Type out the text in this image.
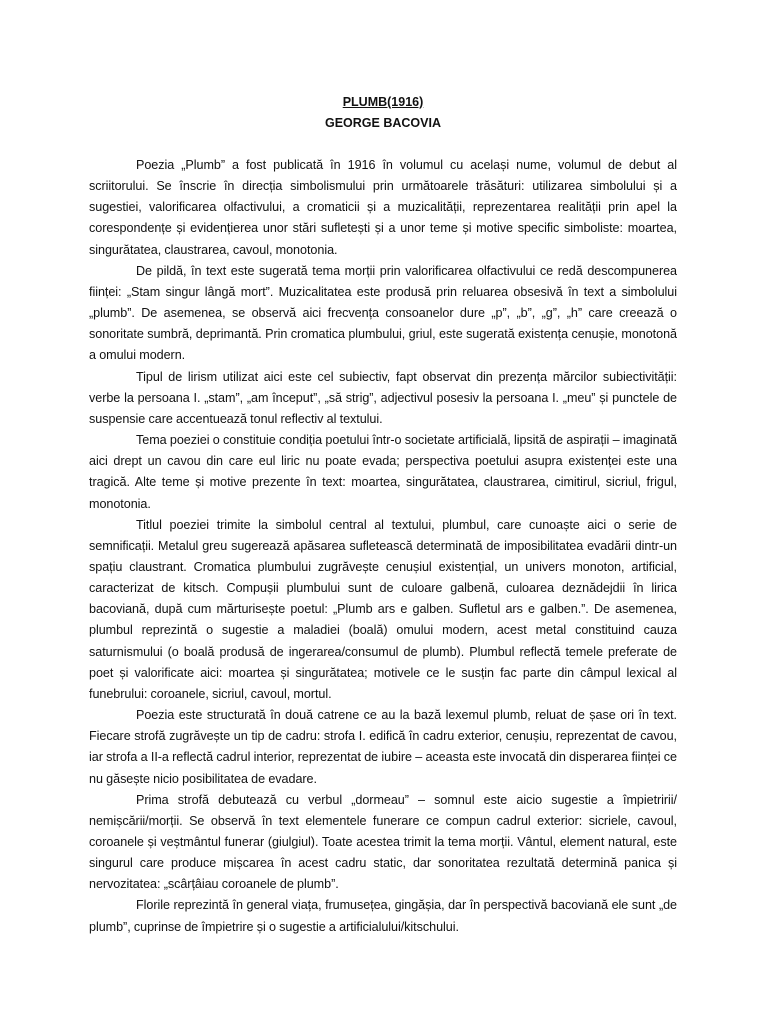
PLUMB(1916)

GEORGE BACOVIA

Poezia „Plumb” a fost publicată în 1916 în volumul cu același nume, volumul de debut al scriitorului. Se înscrie în direcția simbolismului prin următoarele trăsături: utilizarea simbolului și a sugestiei, valorificarea olfactivului, a cromaticii și a muzicalității, reprezentarea realității prin apel la corespondențe și evidențierea unor stări sufletești și a unor teme și motive specific simboliste: moartea, singurătatea, claustrarea, cavoul, monotonia.

De pildă, în text este sugerată tema morții prin valorificarea olfactivului ce redă descompunerea ființei: „Stam singur lângă mort”. Muzicalitatea este produsă prin reluarea obsesivă în text a simbolului „plumb”. De asemenea, se observă aici frecvența consoanelor dure „p”, „b”, „g”, „h” care creează o sonoritate sumbră, deprimantă. Prin cromatica plumbului, griul, este sugerată existența cenușie, monotonă a omului modern.

Tipul de lirism utilizat aici este cel subiectiv, fapt observat din prezența mărcilor subiectivității: verbe la persoana I. „stam”, „am început”, „să strig”, adjectivul posesiv la persoana I. „meu” și punctele de suspensie care accentuează tonul reflectiv al textului.

Tema poeziei o constituie condiția poetului într-o societate artificială, lipsită de aspirații – imaginată aici drept un cavou din care eul liric nu poate evada; perspectiva poetului asupra existenței este una tragică. Alte teme și motive prezente în text: moartea, singurătatea, claustrarea, cimitirul, sicriul, frigul, monotonia.

Titlul poeziei trimite la simbolul central al textului, plumbul, care cunoaște aici o serie de semnificații. Metalul greu sugerează apăsarea sufletească determinată de imposibilitatea evadării dintr-un spațiu claustrant. Cromatica plumbului zugrăvește cenușiul existențial, un univers monoton, artificial, caracterizat de kitsch. Compușii plumbului sunt de culoare galbenă, culoarea deznădejdii în lirica bacoviană, după cum mărturisește poetul: „Plumb ars e galben. Sufletul ars e galben.”. De asemenea, plumbul reprezintă o sugestie a maladiei (boală) omului modern, acest metal constituind cauza saturnismului (o boală produsă de ingerarea/consumul de plumb). Plumbul reflectă temele preferate de poet și valorificate aici: moartea și singurătatea; motivele ce le susțin fac parte din câmpul lexical al funebrului: coroanele, sicriul, cavoul, mortul.

Poezia este structurată în două catrene ce au la bază lexemul plumb, reluat de șase ori în text. Fiecare strofă zugrăvește un tip de cadru: strofa I. edifică în cadru exterior, cenușiu, reprezentat de cavou, iar strofa a II-a reflectă cadrul interior, reprezentat de iubire – aceasta este invocată din disperarea ființei ce nu găsește nicio posibilitatea de evadare.

Prima strofă debutează cu verbul „dormeau” – somnul este aicio sugestie a împietririi/ nemișcării/morții. Se observă în text elementele funerare ce compun cadrul exterior: sicriele, cavoul, coroanele și veștmântul funerar (giulgiul). Toate acestea trimit la tema morții. Vântul, element natural, este singurul care produce mișcarea în acest cadru static, dar sonoritatea rezultată determină panica și nervozitatea: „scârțâiau coroanele de plumb”.

Florile reprezintă în general viața, frumusețea, gingășia, dar în perspectivă bacoviană ele sunt „de plumb”, cuprinse de împietrire și o sugestie a artificialului/kitschului.
